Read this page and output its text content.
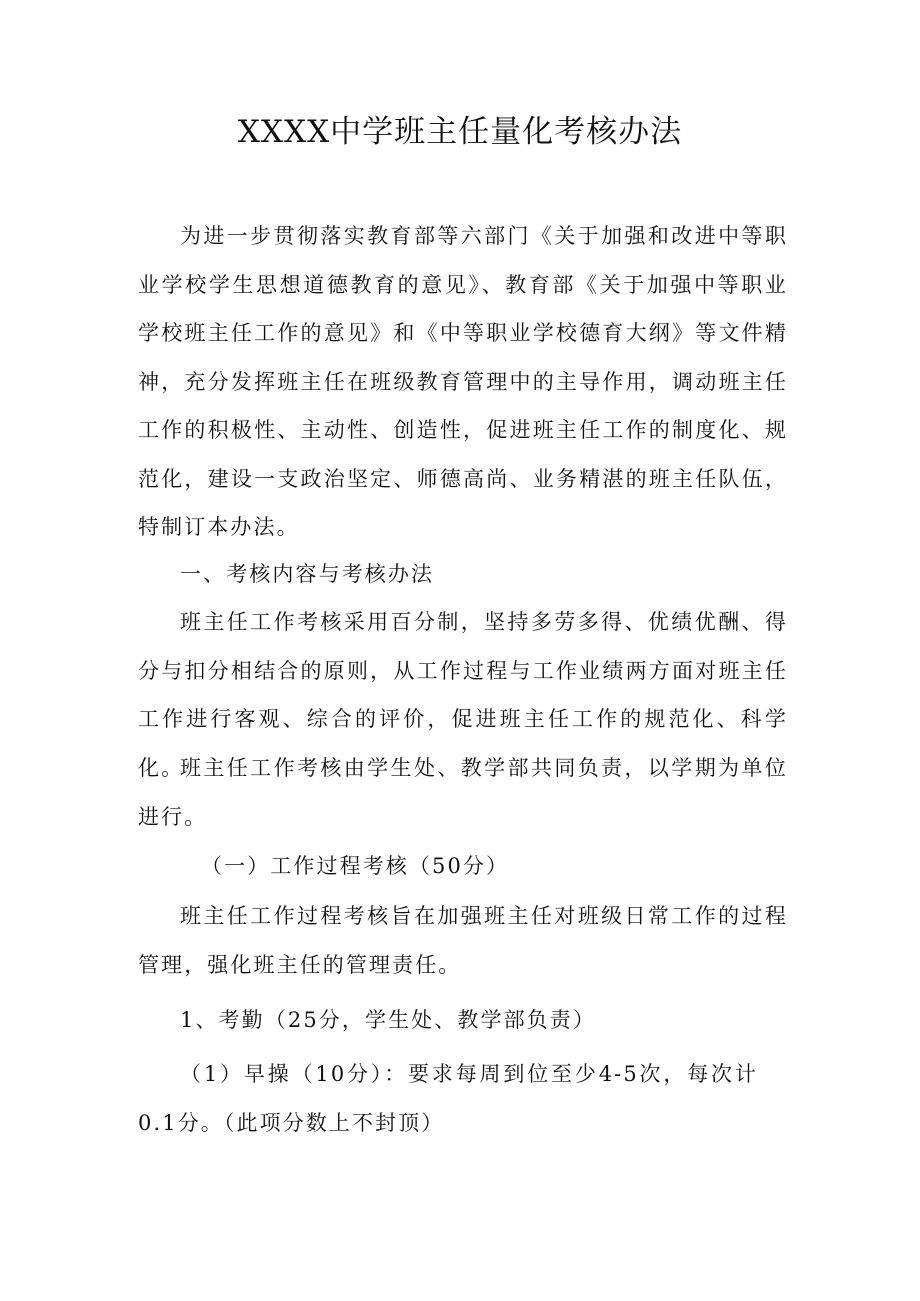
XXXX中学班主任量化考核办法

为进一步贯彻落实教育部等六部门《关于加强和改进中等职业学校学生思想道德教育的意见》、教育部《关于加强中等职业学校班主任工作的意见》和《中等职业学校德育大纲》等文件精神，充分发挥班主任在班级教育管理中的主导作用，调动班主任工作的积极性、主动性、创造性，促进班主任工作的制度化、规范化，建设一支政治坚定、师德高尚、业务精湛的班主任队伍，特制订本办法。

一、考核内容与考核办法

班主任工作考核采用百分制，坚持多劳多得、优绩优酬、得分与扣分相结合的原则，从工作过程与工作业绩两方面对班主任工作进行客观、综合的评价，促进班主任工作的规范化、科学化。

班主任工作考核由学生处、教学部共同负责，以学期为单位进行。

（一）工作过程考核（50分）

班主任工作过程考核旨在加强班主任对班级日常工作的过程管理，强化班主任的管理责任。

1、考勤（25分，学生处、教学部负责）

（1）早操（10分）：要求每周到位至少4-5次，每次计0.1分。（此项分数上不封顶）
